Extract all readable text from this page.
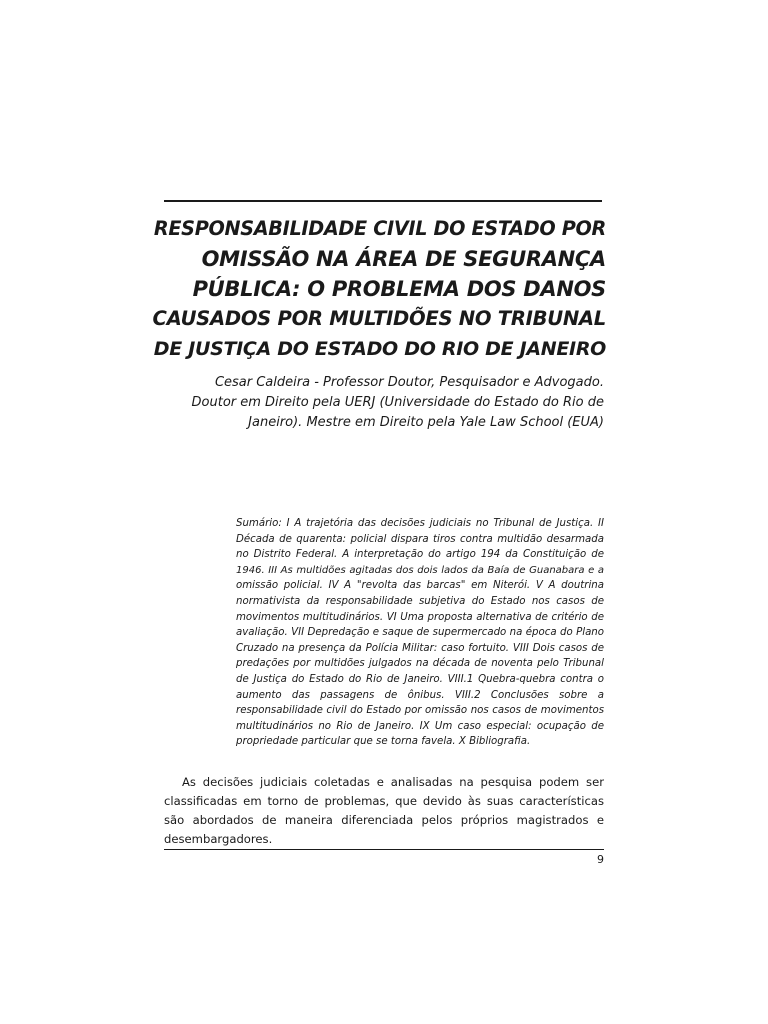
RESPONSABILIDADE CIVIL DO ESTADO POR
OMISSÃO NA ÁREA DE SEGURANÇA
PÚBLICA: O PROBLEMA DOS DANOS
CAUSADOS POR MULTIDÕES NO TRIBUNAL
DE JUSTIÇA DO ESTADO DO RIO DE JANEIRO
Cesar Caldeira - Professor Doutor, Pesquisador e Advogado.
Doutor em Direito pela UERJ (Universidade do Estado do Rio de
Janeiro). Mestre em Direito pela Yale Law School (EUA)
Sumário: I A trajetória das decisões judiciais no Tribunal de Justiça. II
Década de quarenta: policial dispara tiros contra multidão desarmada
no Distrito Federal. A interpretação do artigo 194 da Constituição de
1946. III As multidões agitadas dos dois lados da Baía de Guanabara e a
omissão policial. IV A "revolta das barcas" em Niterói. V A doutrina
normativista da responsabilidade subjetiva do Estado nos casos de
movimentos multitudinários. VI Uma proposta alternativa de critério de
avaliação. VII Depredação e saque de supermercado na época do Plano
Cruzado na presença da Polícia Militar: caso fortuito. VIII Dois casos de
predações por multidões julgados na década de noventa pelo Tribunal
de Justiça do Estado do Rio de Janeiro. VIII.1 Quebra-quebra contra o
aumento das passagens de ônibus. VIII.2 Conclusões sobre a
responsabilidade civil do Estado por omissão nos casos de movimentos
multitudinários no Rio de Janeiro. IX Um caso especial: ocupação de
propriedade particular que se torna favela. X Bibliografia.
As decisões judiciais coletadas e analisadas na pesquisa podem ser
classificadas em torno de problemas, que devido às suas características
são abordados de maneira diferenciada pelos próprios magistrados e
desembargadores.
9
